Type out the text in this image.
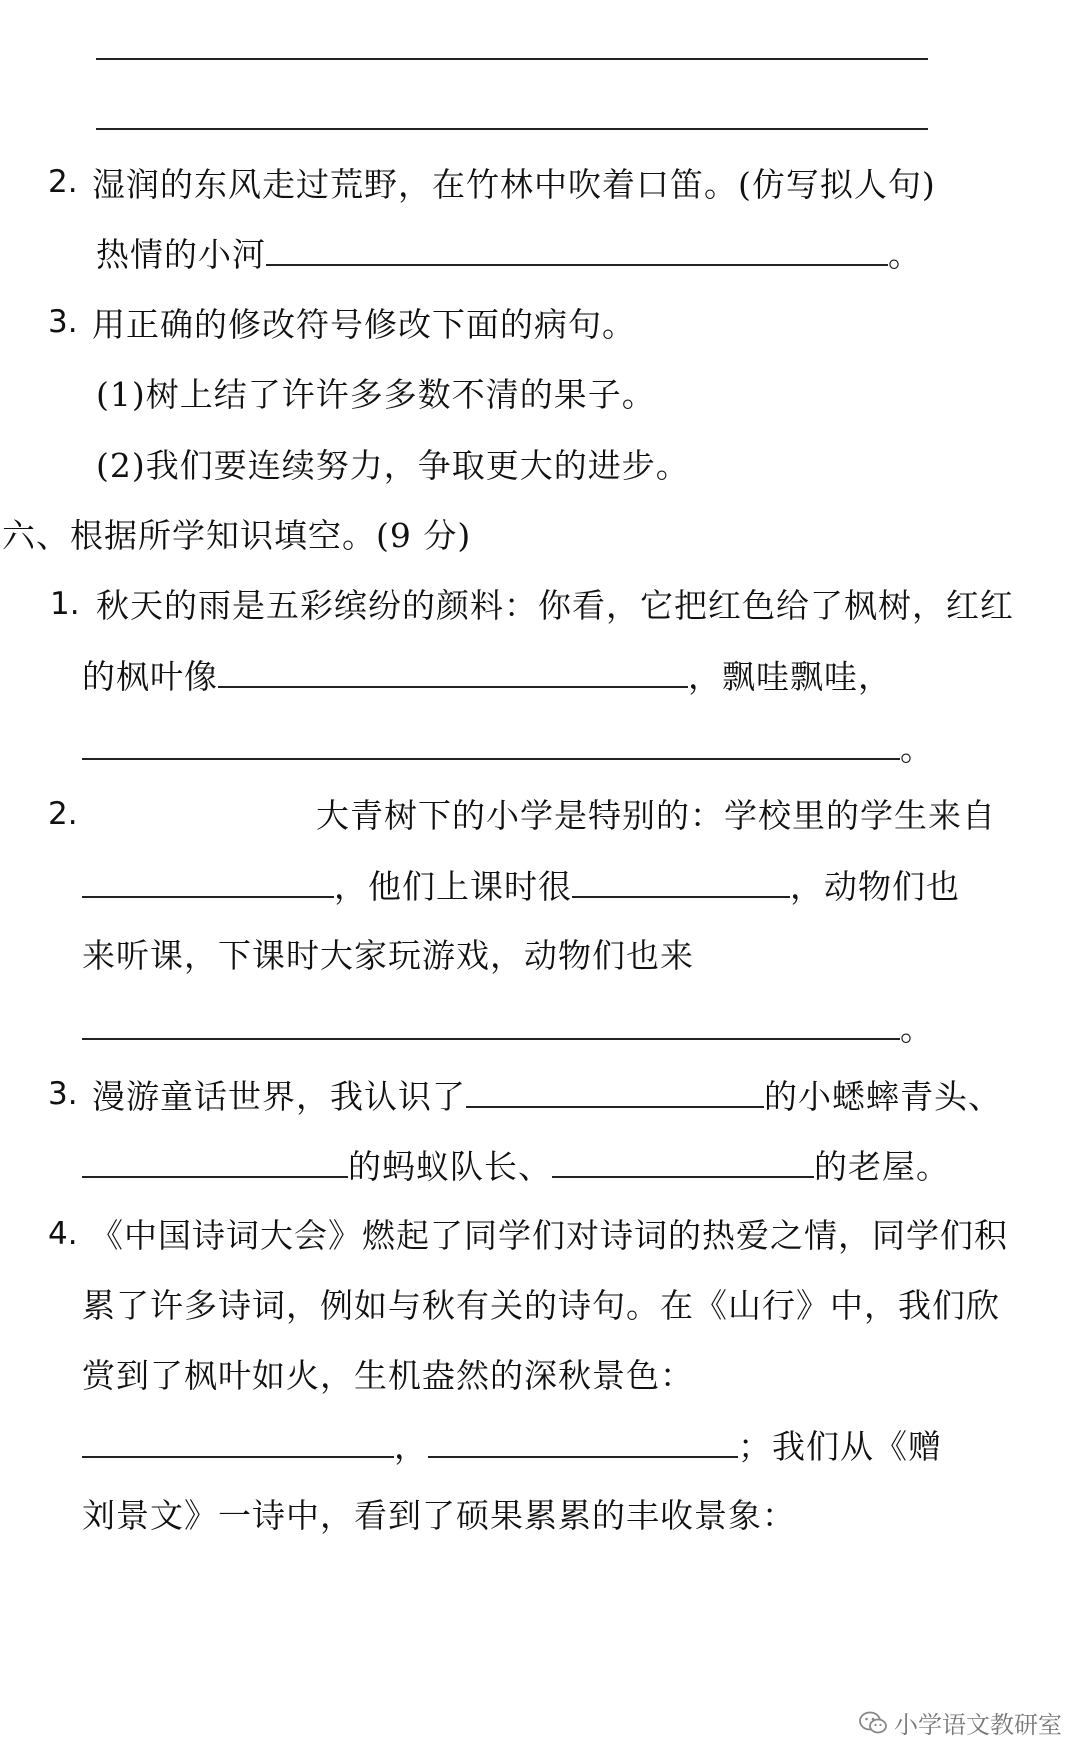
2. 湿润的东风走过荒野，在竹林中吹着口笛。(仿写拟人句)
热情的小河	。
3. 用正确的修改符号修改下面的病句。
(1)树上结了许许多多数不清的果子。
(2)我们要连续努力，争取更大的进步。
六、根据所学知识填空。(9 分)
1. 秋天的雨是五彩缤纷的颜料：你看，它把红色给了枫树，红红
的枫叶像	，飘哇飘哇，
。
2.	大青树下的小学是特别的：学校里的学生来自
，他们上课时很	，动物们也
来听课，下课时大家玩游戏，动物们也来
。
3. 漫游童话世界，我认识了	的小蟋蟀青头、
的蚂蚁队长、	的老屋。
4. 《中国诗词大会》燃起了同学们对诗词的热爱之情，同学们积
累了许多诗词，例如与秋有关的诗句。在《山行》中，我们欣
赏到了枫叶如火，生机盎然的深秋景色：
，	；我们从《赠
刘景文》一诗中，看到了硕果累累的丰收景象：
小学语文教研室
